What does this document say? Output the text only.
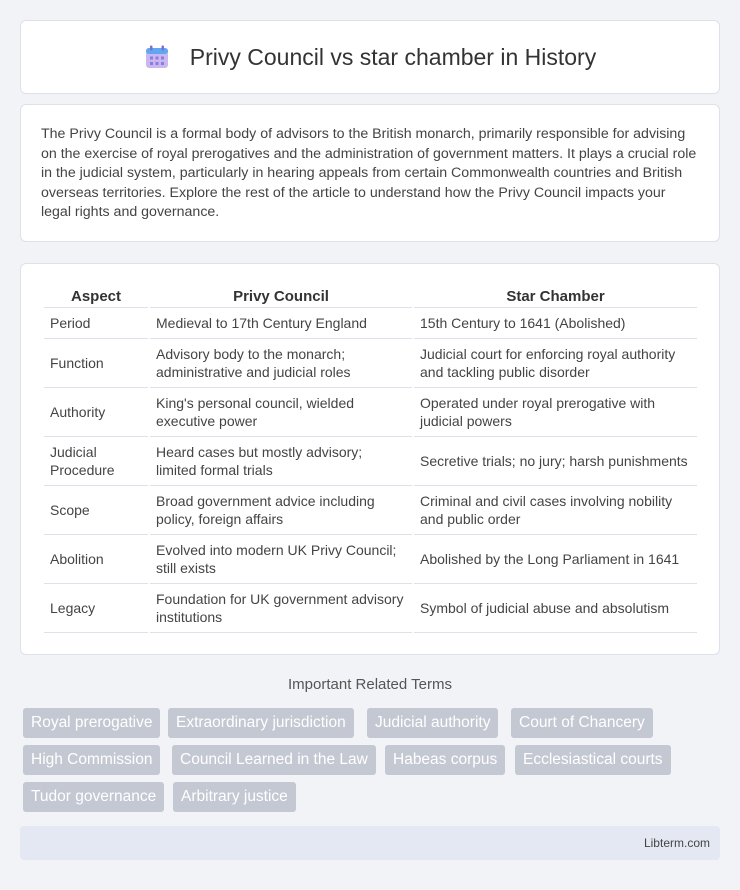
Privy Council vs star chamber in History

The Privy Council is a formal body of advisors to the British monarch, primarily responsible for advising on the exercise of royal prerogatives and the administration of government matters. It plays a crucial role in the judicial system, particularly in hearing appeals from certain Commonwealth countries and British overseas territories. Explore the rest of the article to understand how the Privy Council impacts your legal rights and governance.

Aspect	Privy Council	Star Chamber
Period	Medieval to 17th Century England	15th Century to 1641 (Abolished)
Function	Advisory body to the monarch; administrative and judicial roles	Judicial court for enforcing royal authority and tackling public disorder
Authority	King's personal council, wielded executive power	Operated under royal prerogative with judicial powers
Judicial Procedure	Heard cases but mostly advisory; limited formal trials	Secretive trials; no jury; harsh punishments
Scope	Broad government advice including policy, foreign affairs	Criminal and civil cases involving nobility and public order
Abolition	Evolved into modern UK Privy Council; still exists	Abolished by the Long Parliament in 1641
Legacy	Foundation for UK government advisory institutions	Symbol of judicial abuse and absolutism
Important Related Terms
Royal prerogative	Extraordinary jurisdiction	Judicial authority	Court of Chancery
High Commission	Council Learned in the Law	Habeas corpus	Ecclesiastical courts
Tudor governance	Arbitrary justice
Libterm.com
